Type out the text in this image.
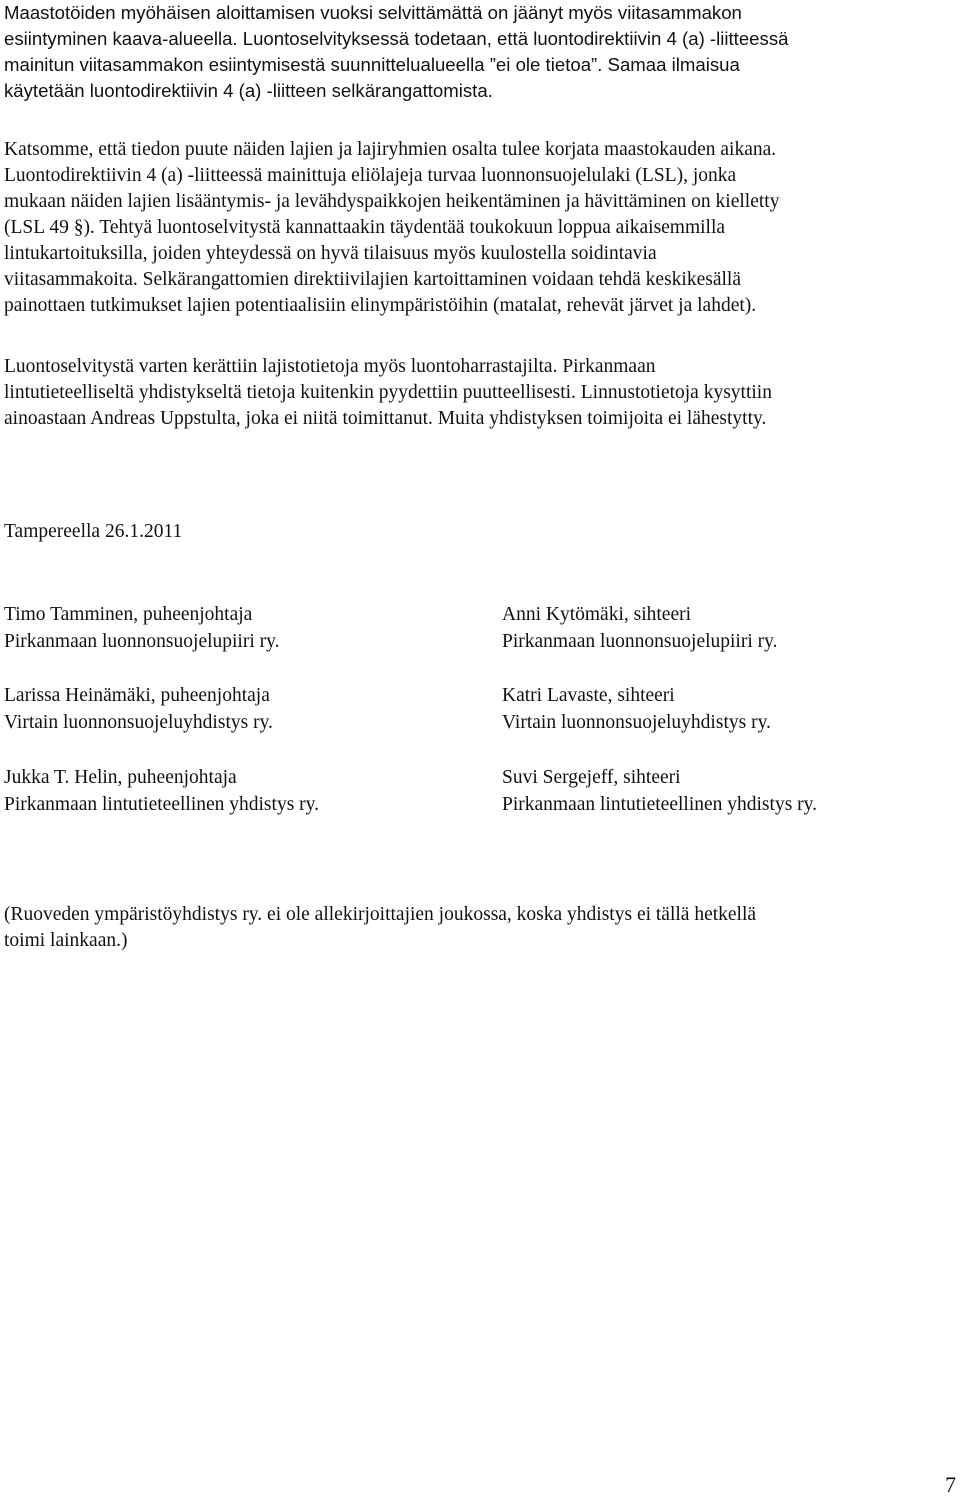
Maastotöiden myöhäisen aloittamisen vuoksi selvittämättä on jäänyt myös viitasammakon
esiintyminen kaava-alueella. Luontoselvityksessä todetaan, että luontodirektiivin 4 (a) -liitteessä
mainitun viitasammakon esiintymisestä suunnittelualueella ”ei ole tietoa”. Samaa ilmaisua
käytetään luontodirektiivin 4 (a) -liitteen selkärangattomista.
Katsomme, että tiedon puute näiden lajien ja lajiryhmien osalta tulee korjata maastokauden aikana.
Luontodirektiivin 4 (a) -liitteessä mainittuja eliölajeja turvaa luonnonsuojelulaki (LSL), jonka
mukaan näiden lajien lisääntymis- ja levähdyspaikkojen heikentäminen ja hävittäminen on kielletty
(LSL 49 §). Tehtyä luontoselvitystä kannattaakin täydentää toukokuun loppua aikaisemmilla
lintukartoituksilla, joiden yhteydessä on hyvä tilaisuus myös kuulostella soidintavia
viitasammakoita. Selkärangattomien direktiivilajien kartoittaminen voidaan tehdä keskikesällä
painottaen tutkimukset lajien potentiaalisiin elinympäristöihin (matalat, rehevät järvet ja lahdet).
Luontoselvitystä varten kerättiin lajistotietoja myös luontoharrastajilta. Pirkanmaan
lintutieteelliseltä yhdistykseltä tietoja kuitenkin pyydettiin puutteellisesti. Linnustotietoja kysyttiin
ainoastaan Andreas Uppstulta, joka ei niitä toimittanut. Muita yhdistyksen toimijoita ei lähestytty.
Tampereella 26.1.2011
Timo Tamminen, puheenjohtaja
Pirkanmaan luonnonsuojelupiiri ry.
Larissa Heinämäki, puheenjohtaja
Virtain luonnonsuojeluyhdistys ry.
Jukka T. Helin, puheenjohtaja
Pirkanmaan lintutieteellinen yhdistys ry.
Anni Kytömäki, sihteeri
Pirkanmaan luonnonsuojelupiiri ry.
Katri Lavaste, sihteeri
Virtain luonnonsuojeluyhdistys ry.
Suvi Sergejeff, sihteeri
Pirkanmaan lintutieteellinen yhdistys ry.
(Ruoveden ympäristöyhdistys ry. ei ole allekirjoittajien joukossa, koska yhdistys ei tällä hetkellä
toimi lainkaan.)
7
